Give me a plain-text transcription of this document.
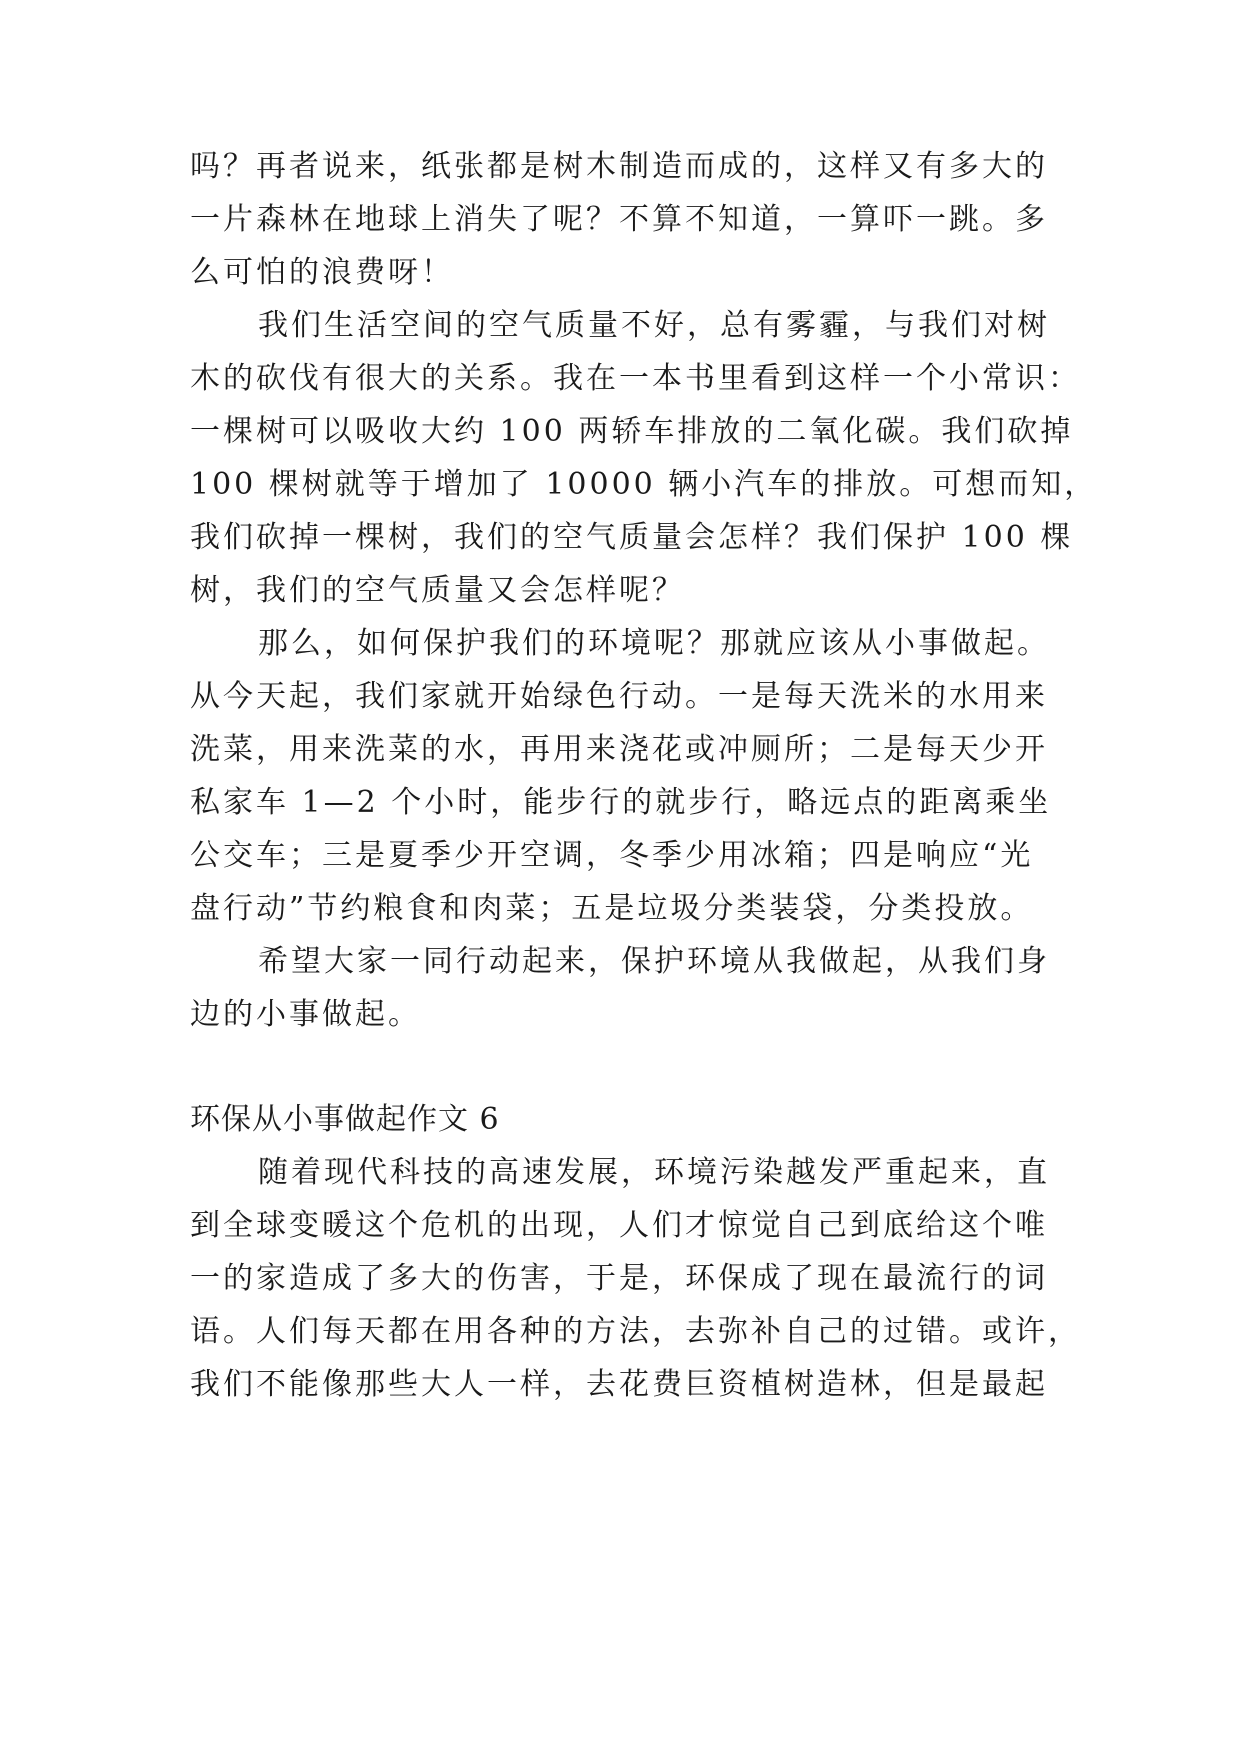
吗？再者说来，纸张都是树木制造而成的，这样又有多大的

一片森林在地球上消失了呢？不算不知道，一算吓一跳。多

么可怕的浪费呀！

我们生活空间的空气质量不好，总有雾霾，与我们对树

木的砍伐有很大的关系。我在一本书里看到这样一个小常识：

一棵树可以吸收大约 100 两轿车排放的二氧化碳。我们砍掉

100 棵树就等于增加了 10000 辆小汽车的排放。可想而知，

我们砍掉一棵树，我们的空气质量会怎样？我们保护 100 棵

树，我们的空气质量又会怎样呢？

那么，如何保护我们的环境呢？那就应该从小事做起。

从今天起，我们家就开始绿色行动。一是每天洗米的水用来

洗菜，用来洗菜的水，再用来浇花或冲厕所；二是每天少开

私家车 1—2 个小时，能步行的就步行，略远点的距离乘坐

公交车；三是夏季少开空调，冬季少用冰箱；四是响应“光

盘行动”节约粮食和肉菜；五是垃圾分类装袋，分类投放。

希望大家一同行动起来，保护环境从我做起，从我们身

边的小事做起。

环保从小事做起作文 6

随着现代科技的高速发展，环境污染越发严重起来，直

到全球变暖这个危机的出现，人们才惊觉自己到底给这个唯

一的家造成了多大的伤害，于是，环保成了现在最流行的词

语。人们每天都在用各种的方法，去弥补自己的过错。或许，

我们不能像那些大人一样，去花费巨资植树造林，但是最起
